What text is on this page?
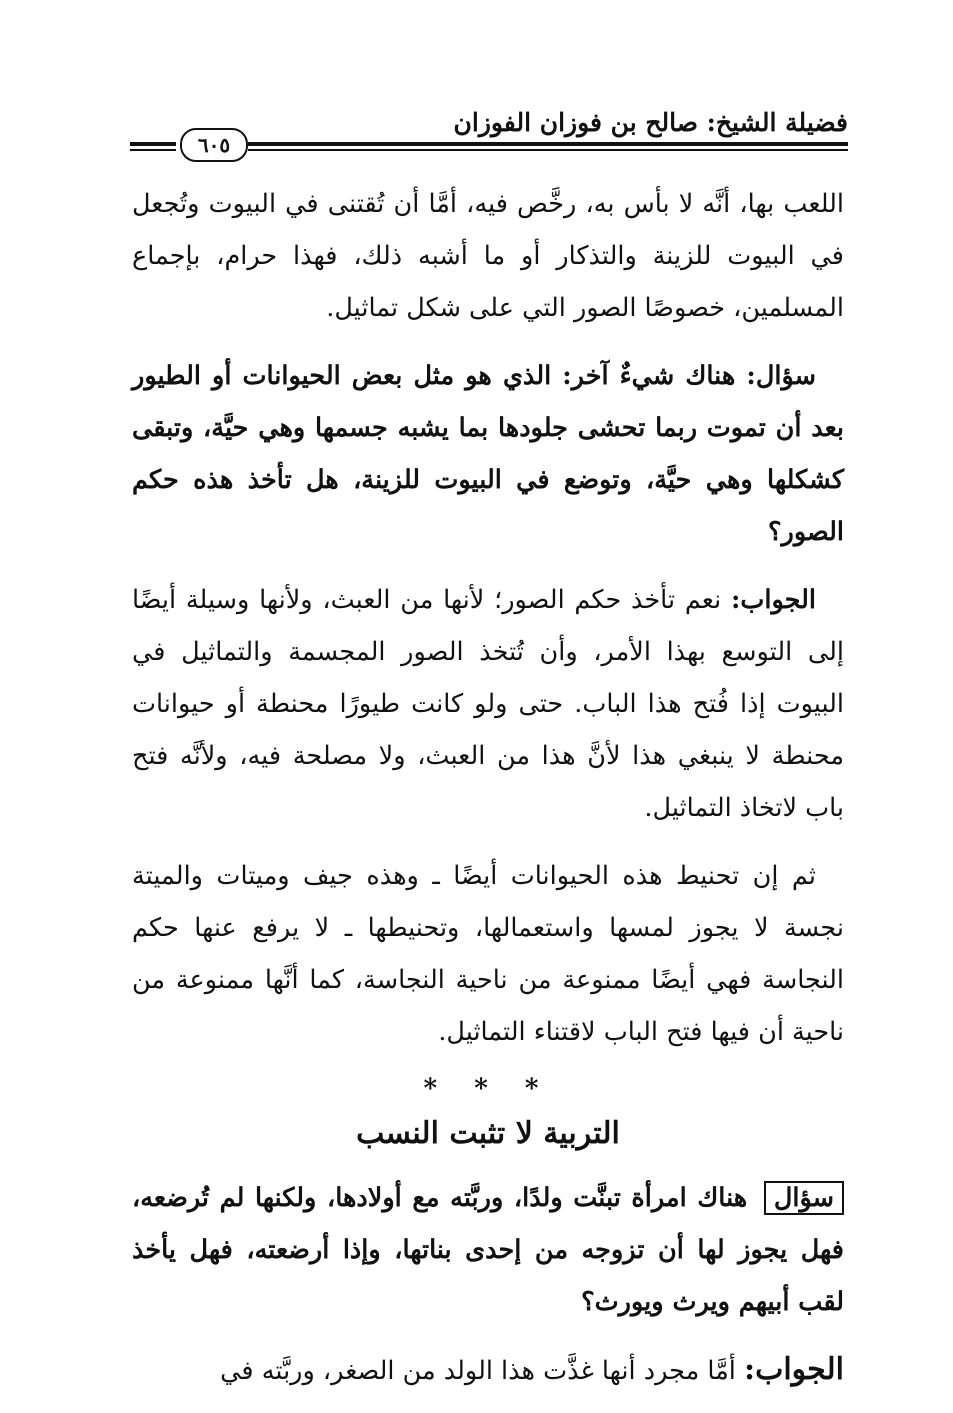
فضيلة الشيخ: صالح بن فوزان الفوزان
٦٠٥

اللعب بها، أنَّه لا بأس به، رخَّص فيه، أمَّا أن تُقتنى في البيوت وتُجعل في البيوت للزينة والتذكار أو ما أشبه ذلك، فهذا حرام، بإجماع المسلمين، خصوصًا الصور التي على شكل تماثيل.

سؤال: هناك شيءٌ آخر: الذي هو مثل بعض الحيوانات أو الطيور بعد أن تموت ربما تحشى جلودها بما يشبه جسمها وهي حيَّة، وتبقى كشكلها وهي حيَّة، وتوضع في البيوت للزينة، هل تأخذ هذه حكم الصور؟

الجواب: نعم تأخذ حكم الصور؛ لأنها من العبث، ولأنها وسيلة أيضًا إلى التوسع بهذا الأمر، وأن تُتخذ الصور المجسمة والتماثيل في البيوت إذا فُتح هذا الباب. حتى ولو كانت طيورًا محنطة أو حيوانات محنطة لا ينبغي هذا لأنَّ هذا من العبث، ولا مصلحة فيه، ولأنَّه فتح باب لاتخاذ التماثيل.

ثم إن تحنيط هذه الحيوانات أيضًا ـ وهذه جيف وميتات والميتة نجسة لا يجوز لمسها واستعمالها، وتحنيطها ـ لا يرفع عنها حكم النجاسة فهي أيضًا ممنوعة من ناحية النجاسة، كما أنَّها ممنوعة من ناحية أن فيها فتح الباب لاقتناء التماثيل.

* * *
التربية لا تثبت النسب

سؤال هناك امرأة تبنَّت ولدًا، وربَّته مع أولادها، ولكنها لم تُرضعه، فهل يجوز لها أن تزوجه من إحدى بناتها، وإذا أرضعته، فهل يأخذ لقب أبيهم ويرث ويورث؟

الجواب: أمَّا مجرد أنها غذَّت هذا الولد من الصغر، وربَّته في
